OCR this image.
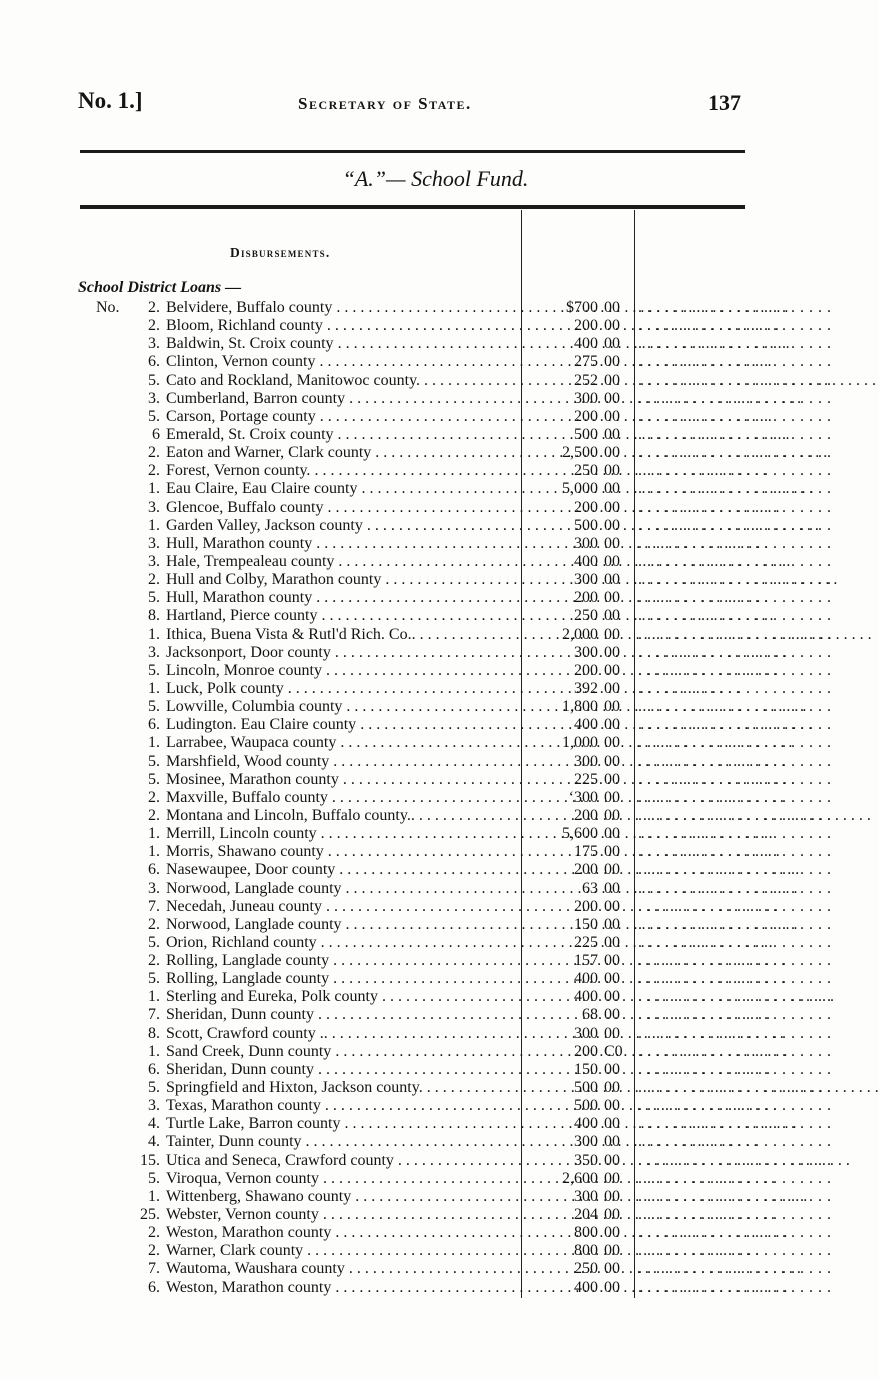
No. 1.]	Secretary of State.	137
“A.”— School Fund.
Disbursements.
School District Loans —
No.	2. Belvidere, Buffalo county . . .	$700 00 . . . . . . . . . . . . . . . . . . . . . .
2. Bloom, Richland county . . .	200 00 . . . . . . . . . . . . . . . . . . . . . .
3. Baldwin, St. Croix county . . .	400 00 . . . . . . . . . . . . . . . . . . . . . .
6. Clinton, Vernon county . . .	275 00 . . . . . . . . . . . . . . . . . . . . . .
5. Cato and Rockland, Manitowoc county. . . .	252 00 . . . . . . . . . . . . . . . . . . . . . .
3. Cumberland, Barron county . . .	300 00 . . . . . . . . . . . . . . . . . . . . . .
5. Carson, Portage county . . .	200 00 . . . . . . . . . . . . . . . . . . . . . .
6 Emerald, St. Croix county . . .	500 00 . . . . . . . . . . . . . . . . . . . . . .
2. Eaton and Warner, Clark county . . .	2,500 00 . . . . . . . . . . . . . . . . . . . . . .
2. Forest, Vernon county. . . .	250 00 . . . . . . . . . . . . . . . . . . . . . .
1. Eau Claire, Eau Claire county . . .	5,000 00 . . . . . . . . . . . . . . . . . . . . . .
3. Glencoe, Buffalo county . . .	200 00 . . . . . . . . . . . . . . . . . . . . . .
1. Garden Valley, Jackson county . . .	500 00 . . . . . . . . . . . . . . . . . . . . . .
3. Hull, Marathon county . . .	300 00 . . . . . . . . . . . . . . . . . . . . . .
3. Hale, Trempealeau county . . .	400 00 . . . . . . . . . . . . . . . . . . . . . .
2. Hull and Colby, Marathon county . . .	300 00 . . . . . . . . . . . . . . . . . . . . . .
5. Hull, Marathon county . . .	200 00 . . . . . . . . . . . . . . . . . . . . . .
8. Hartland, Pierce county . . .	250 00 . . . . . . . . . . . . . . . . . . . . . .
1. Ithica, Buena Vista & Rutl'd Rich. Co.. . . .	2,000 00 . . . . . . . . . . . . . . . . . . . . . .
3. Jacksonport, Door county . . .	300 00 . . . . . . . . . . . . . . . . . . . . . .
5. Lincoln, Monroe county . . .	200 00 . . . . . . . . . . . . . . . . . . . . . .
1. Luck, Polk county . . .	392 00 . . . . . . . . . . . . . . . . . . . . . .
5. Lowville, Columbia county . . . .	1,800 00 . . . . . . . . . . . . . . . . . . . . . .
6. Ludington. Eau Claire county . . .	400 00 . . . . . . . . . . . . . . . . . . . . . .
1. Larrabee, Waupaca county . . .	1,000 00 . . . . . . . . . . . . . . . . . . . . . .
5. Marshfield, Wood county . . .	300 00 . . . . . . . . . . . . . . . . . . . . . .
5. Mosinee, Marathon county . . .	225 00 . . . . . . . . . . . . . . . . . . . . . .
2. Maxville, Buffalo county . . .	‘300 00 . . . . . . . . . . . . . . . . . . . . . .
2. Montana and Lincoln, Buffalo county.. . . .	200 00 . . . . . . . . . . . . . . . . . . . . . .
1. Merrill, Lincoln county . . .	5,600 00 . . . . . . . . . . . . . . . . . . . . . .
1. Morris, Shawano county . . .	175 00 . . . . . . . . . . . . . . . . . . . . . .
6. Nasewaupee, Door county . . . .	200 00 . . . . . . . . . . . . . . . . . . . . . .
3. Norwood, Langlade county . . .	63 00 . . . . . . . . . . . . . . . . . . . . . .
7. Necedah, Juneau county . . .	200 00 . . . . . . . . . . . . . . . . . . . . . .
2. Norwood, Langlade county . . .	150 00 . . . . . . . . . . . . . . . . . . . . . .
5. Orion, Richland county . . .	225 00 . . . . . . . . . . . . . . . . . . . . . .
2. Rolling, Langlade county . . .	157 00 . . . . . . . . . . . . . . . . . . . . . .
5. Rolling, Langlade county . . .	400 00 . . . . . . . . . . . . . . . . . . . . . .
1. Sterling and Eureka, Polk county . . .	400 00 . . . . . . . . . . . . . . . . . . . . . .
7. Sheridan, Dunn county . . .	68 00 . . . . . . . . . . . . . . . . . . . . . .
8. Scott, Crawford county .. . . .	300 00 . . . . . . . . . . . . . . . . . . . . . .
1. Sand Creek, Dunn county . . .	200 C0 . . . . . . . . . . . . . . . . . . . . . .
6. Sheridan, Dunn county . . .	150 00 . . . . . . . . . . . . . . . . . . . . . .
5. Springfield and Hixton, Jackson county. . . .	500 00 . . . . . . . . . . . . . . . . . . . . . .
3. Texas, Marathon county . . .	500 00 . . . . . . . . . . . . . . . . . . . . . .
4. Turtle Lake, Barron county . . .	400 00 . . . . . . . . . . . . . . . . . . . . . .
4. Tainter, Dunn county . . .	300 00 . . . . . . . . . . . . . . . . . . . . . .
15. Utica and Seneca, Crawford county . . .	350 00 . . . . . . . . . . . . . . . . . . . . . .
5. Viroqua, Vernon county . . .	2,600 00 . . . . . . . . . . . . . . . . . . . . . .
1. Wittenberg, Shawano county . . .	300 00 . . . . . . . . . . . . . . . . . . . . . .
25. Webster, Vernon county . . .	204 00 . . . . . . . . . . . . . . . . . . . . . .
2. Weston, Marathon county . . .	800 00 . . . . . . . . . . . . . . . . . . . . . .
2. Warner, Clark county . . .	800 00 . . . . . . . . . . . . . . . . . . . . . .
7. Wautoma, Waushara county . . .	250 00 . . . . . . . . . . . . . . . . . . . . . .
6. Weston, Marathon county . . .	400 00 . . . . . . . . . . . . . . . . . . . . . .
